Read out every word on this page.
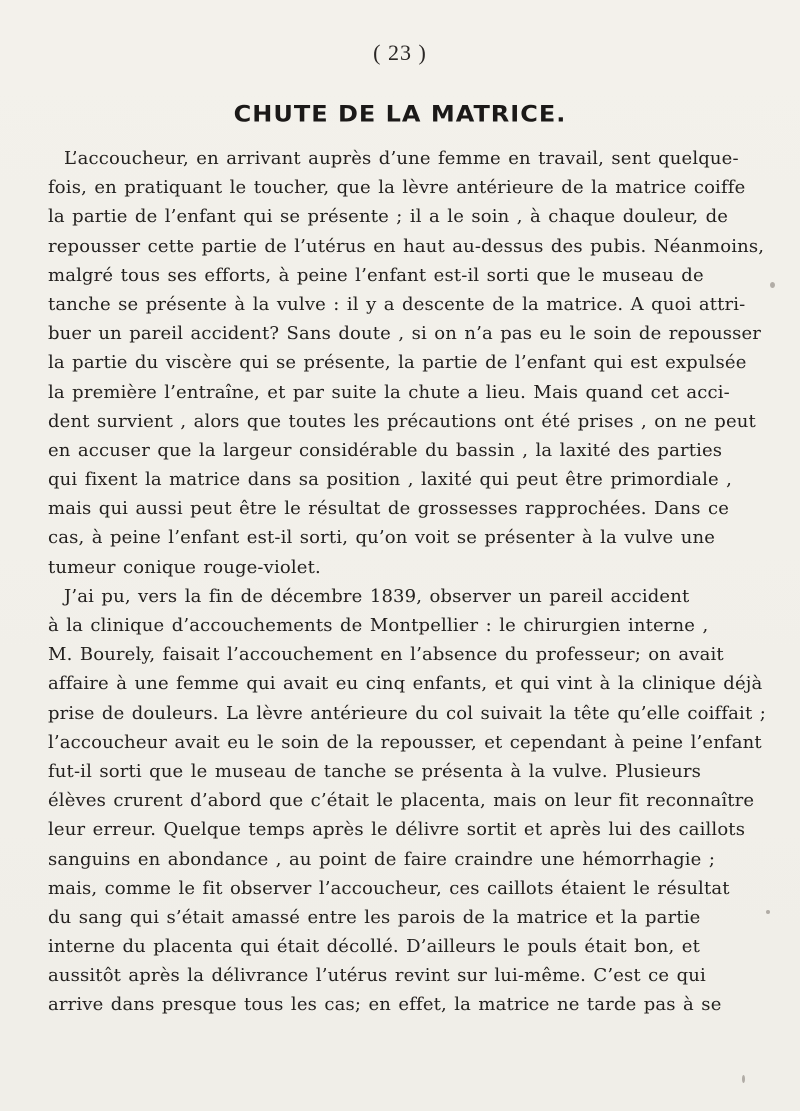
( 23 )
CHUTE DE LA MATRICE.
L’accoucheur, en arrivant auprès d’une femme en travail, sent quelque-
fois, en pratiquant le toucher, que la lèvre antérieure de la matrice coiffe
la partie de l’enfant qui se présente ; il a le soin , à chaque douleur, de
repousser cette partie de l’utérus en haut au-dessus des pubis. Néanmoins,
malgré tous ses efforts, à peine l’enfant est-il sorti que le museau de
tanche se présente à la vulve : il y a descente de la matrice. A quoi attri-
buer un pareil accident? Sans doute , si on n’a pas eu le soin de repousser
la partie du viscère qui se présente, la partie de l’enfant qui est expulsée
la première l’entraîne, et par suite la chute a lieu. Mais quand cet acci-
dent survient , alors que toutes les précautions ont été prises , on ne peut
en accuser que la largeur considérable du bassin , la laxité des parties
qui fixent la matrice dans sa position , laxité qui peut être primordiale ,
mais qui aussi peut être le résultat de grossesses rapprochées. Dans ce
cas, à peine l’enfant est-il sorti, qu’on voit se présenter à la vulve une
tumeur conique rouge-violet.
J’ai pu, vers la fin de décembre 1839, observer un pareil accident
à la clinique d’accouchements de Montpellier : le chirurgien interne ,
M. Bourely, faisait l’accouchement en l’absence du professeur; on avait
affaire à une femme qui avait eu cinq enfants, et qui vint à la clinique déjà
prise de douleurs. La lèvre antérieure du col suivait la tête qu’elle coiffait ;
l’accoucheur avait eu le soin de la repousser, et cependant à peine l’enfant
fut-il sorti que le museau de tanche se présenta à la vulve. Plusieurs
élèves crurent d’abord que c’était le placenta, mais on leur fit reconnaître
leur erreur. Quelque temps après le délivre sortit et après lui des caillots
sanguins en abondance , au point de faire craindre une hémorrhagie ;
mais, comme le fit observer l’accoucheur, ces caillots étaient le résultat
du sang qui s’était amassé entre les parois de la matrice et la partie
interne du placenta qui était décollé. D’ailleurs le pouls était bon, et
aussitôt après la délivrance l’utérus revint sur lui-même. C’est ce qui
arrive dans presque tous les cas; en effet, la matrice ne tarde pas à se
